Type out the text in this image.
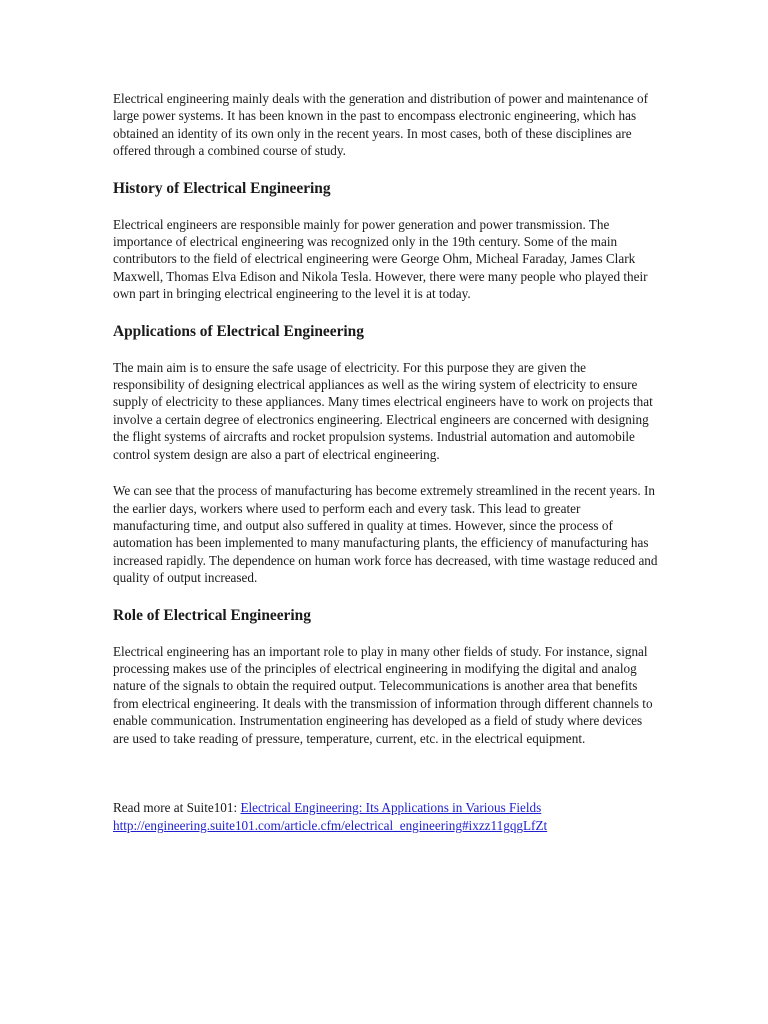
Electrical engineering mainly deals with the generation and distribution of power and maintenance of large power systems. It has been known in the past to encompass electronic engineering, which has obtained an identity of its own only in the recent years. In most cases, both of these disciplines are offered through a combined course of study.

History of Electrical Engineering

Electrical engineers are responsible mainly for power generation and power transmission. The importance of electrical engineering was recognized only in the 19th century. Some of the main contributors to the field of electrical engineering were George Ohm, Micheal Faraday, James Clark Maxwell, Thomas Elva Edison and Nikola Tesla. However, there were many people who played their own part in bringing electrical engineering to the level it is at today.

Applications of Electrical Engineering

The main aim is to ensure the safe usage of electricity. For this purpose they are given the responsibility of designing electrical appliances as well as the wiring system of electricity to ensure supply of electricity to these appliances. Many times electrical engineers have to work on projects that involve a certain degree of electronics engineering. Electrical engineers are concerned with designing the flight systems of aircrafts and rocket propulsion systems. Industrial automation and automobile control system design are also a part of electrical engineering.

We can see that the process of manufacturing has become extremely streamlined in the recent years. In the earlier days, workers where used to perform each and every task. This lead to greater manufacturing time, and output also suffered in quality at times. However, since the process of automation has been implemented to many manufacturing plants, the efficiency of manufacturing has increased rapidly. The dependence on human work force has decreased, with time wastage reduced and quality of output increased.

Role of Electrical Engineering

Electrical engineering has an important role to play in many other fields of study. For instance, signal processing makes use of the principles of electrical engineering in modifying the digital and analog nature of the signals to obtain the required output. Telecommunications is another area that benefits from electrical engineering. It deals with the transmission of information through different channels to enable communication. Instrumentation engineering has developed as a field of study where devices are used to take reading of pressure, temperature, current, etc. in the electrical equipment.

Read more at Suite101: Electrical Engineering: Its Applications in Various Fields
http://engineering.suite101.com/article.cfm/electrical_engineering#ixzz11gqgLfZt
